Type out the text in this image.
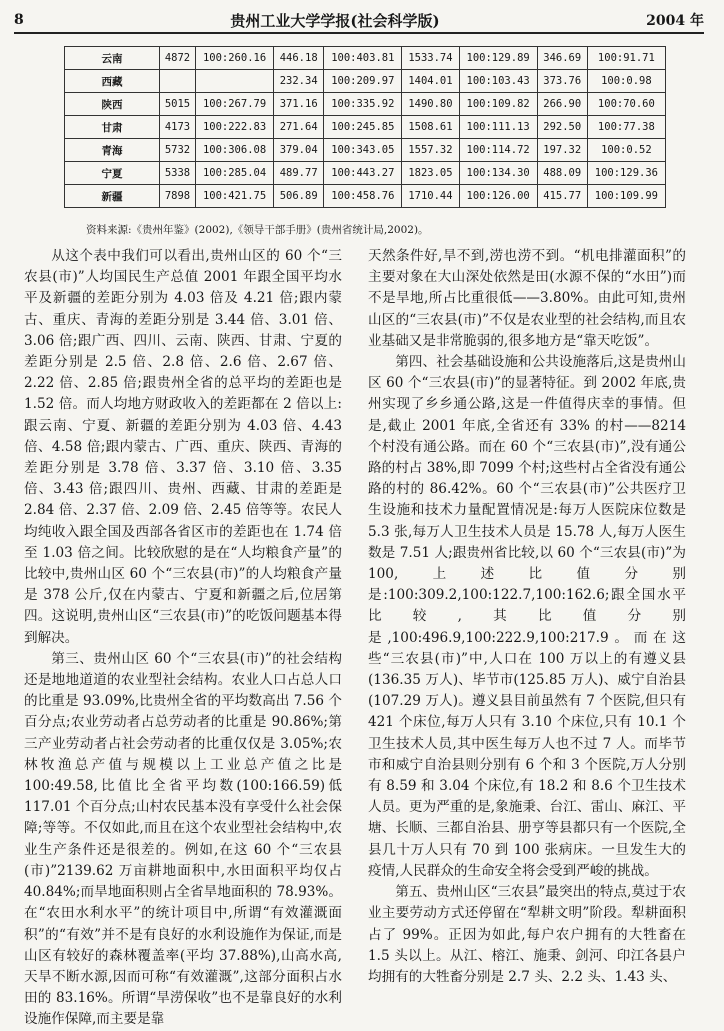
8	贵州工业大学学报(社会科学版)	2004 年
云南	4872	100:260.16	446.18	100:403.81	1533.74	100:129.89	346.69	100:91.71
西藏			232.34	100:209.97	1404.01	100:103.43	373.76	100:0.98
陕西	5015	100:267.79	371.16	100:335.92	1490.80	100:109.82	266.90	100:70.60
甘肃	4173	100:222.83	271.64	100:245.85	1508.61	100:111.13	292.50	100:77.38
青海	5732	100:306.08	379.04	100:343.05	1557.32	100:114.72	197.32	100:0.52
宁夏	5338	100:285.04	489.77	100:443.27	1823.05	100:134.30	488.09	100:129.36
新疆	7898	100:421.75	506.89	100:458.76	1710.44	100:126.00	415.77	100:109.99
资料来源:《贵州年鉴》(2002),《领导干部手册》(贵州省统计局,2002)。

从这个表中我们可以看出,贵州山区的 60 个“三农县(市)”人均国民生产总值 2001 年跟全国平均水平及新疆的差距分别为 4.03 倍及 4.21 倍;跟内蒙古、重庆、青海的差距分别是 3.44 倍、3.01 倍、3.06 倍;跟广西、四川、云南、陕西、甘肃、宁夏的差距分别是 2.5 倍、2.8 倍、2.6 倍、2.67 倍、2.22 倍、2.85 倍;跟贵州全省的总平均的差距也是 1.52 倍。而人均地方财政收入的差距都在 2 倍以上:跟云南、宁夏、新疆的差距分别为 4.03 倍、4.43 倍、4.58 倍;跟内蒙古、广西、重庆、陕西、青海的差距分别是 3.78 倍、3.37 倍、3.10 倍、3.35 倍、3.43 倍;跟四川、贵州、西藏、甘肃的差距是 2.84 倍、2.37 倍、2.09 倍、2.45 倍等等。农民人均纯收入跟全国及西部各省区市的差距也在 1.74 倍至 1.03 倍之间。比较欣慰的是在“人均粮食产量”的比较中,贵州山区 60 个“三农县(市)”的人均粮食产量是 378 公斤,仅在内蒙古、宁夏和新疆之后,位居第四。这说明,贵州山区“三农县(市)”的吃饭问题基本得到解决。

第三、贵州山区 60 个“三农县(市)”的社会结构还是地地道道的农业型社会结构。农业人口占总人口的比重是 93.09%,比贵州全省的平均数高出 7.56 个百分点;农业劳动者占总劳动者的比重是 90.86%;第三产业劳动者占社会劳动者的比重仅仅是 3.05%;农林牧渔总产值与规模以上工业总产值之比是 100:49.58,比值比全省平均数(100:166.59)低 117.01 个百分点;山村农民基本没有享受什么社会保障;等等。不仅如此,而且在这个农业型社会结构中,农业生产条件还是很差的。例如,在这 60 个“三农县(市)”2139.62 万亩耕地面积中,水田面积平均仅占 40.84%;而旱地面积则占全省旱地面积的 78.93%。在“农田水利水平”的统计项目中,所谓“有效灌溉面积”的“有效”并不是有良好的水利设施作为保证,而是山区有较好的森林覆盖率(平均 37.88%),山高水高,天旱不断水源,因而可称“有效灌溉”,这部分面积占水田的 83.16%。所谓“旱涝保收”也不是靠良好的水利设施作保障,而主要是靠

天然条件好,旱不到,涝也涝不到。“机电排灌面积”的主要对象在大山深处依然是田(水源不保的“水田”)而不是旱地,所占比重很低——3.80%。由此可知,贵州山区的“三农县(市)”不仅是农业型的社会结构,而且农业基础又是非常脆弱的,很多地方是“靠天吃饭”。

第四、社会基础设施和公共设施落后,这是贵州山区 60 个“三农县(市)”的显著特征。到 2002 年底,贵州实现了乡乡通公路,这是一件值得庆幸的事情。但是,截止 2001 年底,全省还有 33% 的村——8214 个村没有通公路。而在 60 个“三农县(市)”,没有通公路的村占 38%,即 7099 个村;这些村占全省没有通公路的村的 86.42%。60 个“三农县(市)”公共医疗卫生设施和技术力量配置情况是:每万人医院床位数是 5.3 张,每万人卫生技术人员是 15.78 人,每万人医生数是 7.51 人;跟贵州省比较,以 60 个“三农县(市)”为 100,上述比值分别是:100:309.2,100:122.7,100:162.6;跟全国水平比较,其比值分别是,100:496.9,100:222.9,100:217.9。而在这些“三农县(市)”中,人口在 100 万以上的有遵义县(136.35 万人)、毕节市(125.85 万人)、威宁自治县(107.29 万人)。遵义县目前虽然有 7 个医院,但只有 421 个床位,每万人只有 3.10 个床位,只有 10.1 个卫生技术人员,其中医生每万人也不过 7 人。而毕节市和威宁自治县则分别有 6 个和 3 个医院,万人分别有 8.59 和 3.04 个床位,有 18.2 和 8.6 个卫生技术人员。更为严重的是,象施秉、台江、雷山、麻江、平塘、长顺、三都自治县、册亨等县都只有一个医院,全县几十万人只有 70 到 100 张病床。一旦发生大的疫情,人民群众的生命安全将会受到严峻的挑战。

第五、贵州山区“三农县”最突出的特点,莫过于农业主要劳动方式还停留在“犁耕文明”阶段。犁耕面积占了 99%。正因为如此,每户农户拥有的大牲畜在 1.5 头以上。从江、榕江、施秉、剑河、印江各县户均拥有的大牲畜分别是 2.7 头、2.2 头、1.43 头、
